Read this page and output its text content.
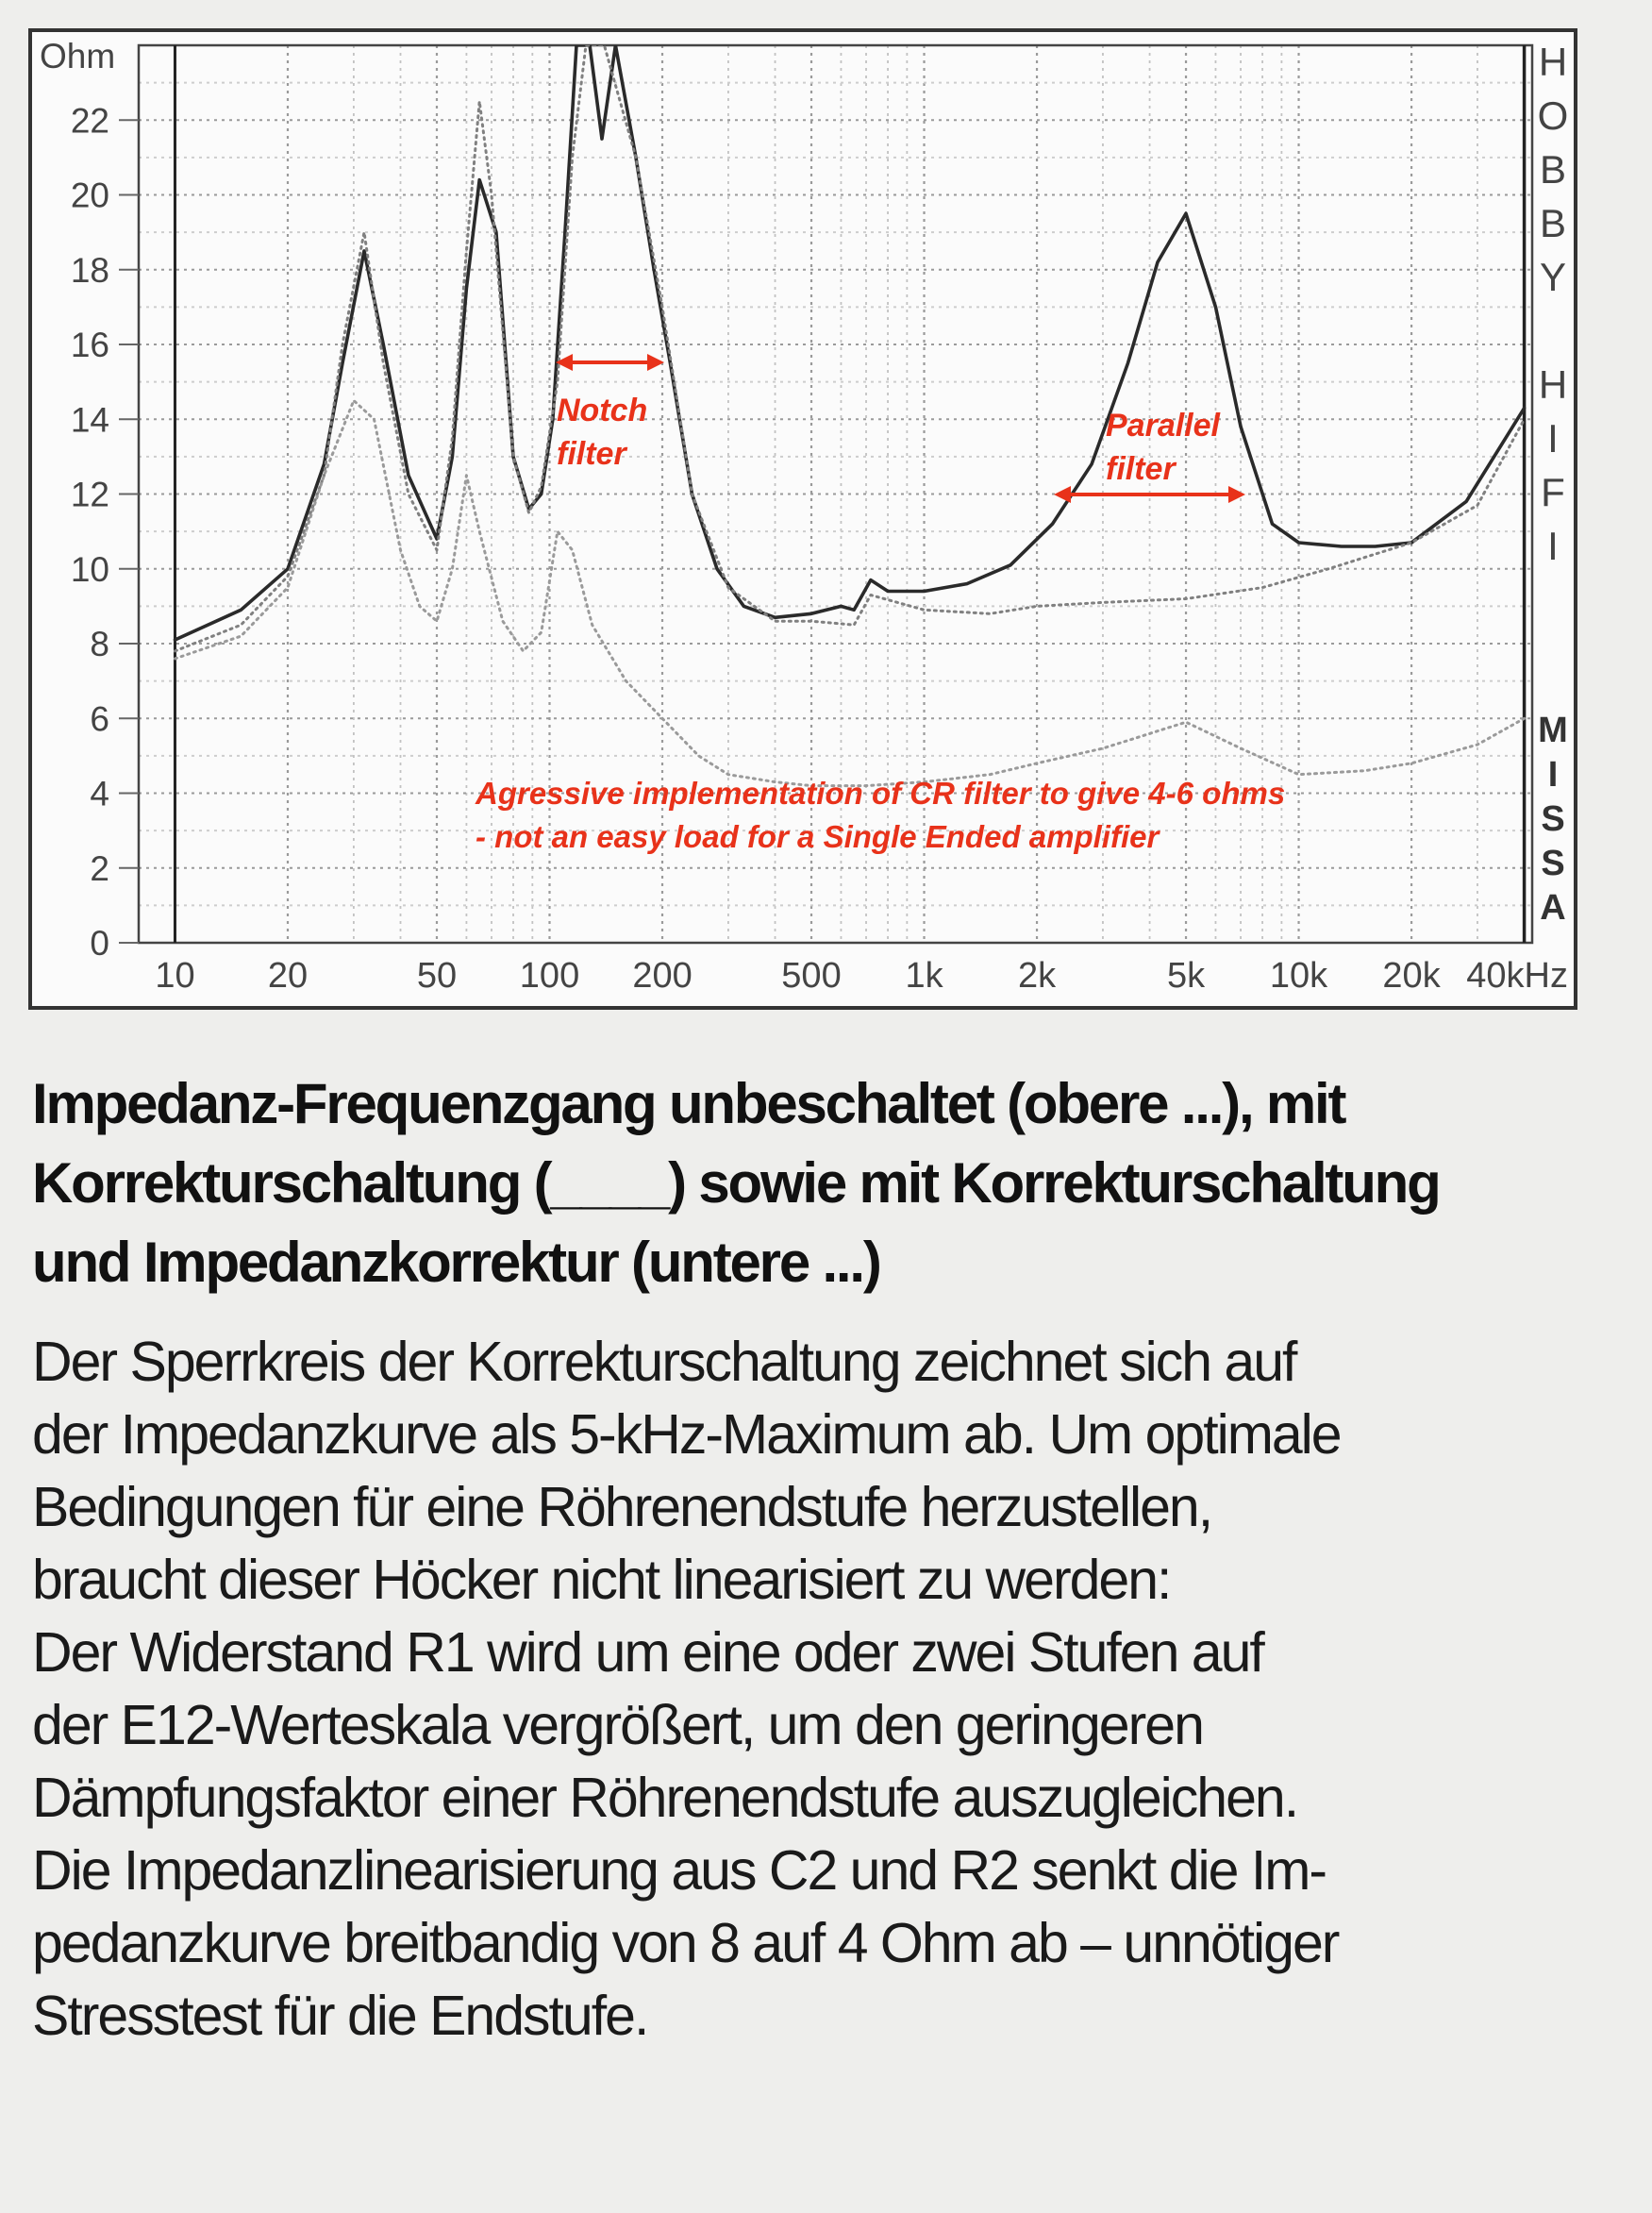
0
2
4
6
8
10
12
14
16
18
20
22
Ohm
10 20	50 100 200 500 1k 2k	5k 10k 20k 40kHz
H
O
B
B
Y
H
I
F
I
M
I
S
S
A
Notch
filter
Parallel
filter
Agressive implementation of CR filter to give 4-6 ohms
- not an easy load for a Single Ended amplifier
Impedanz-Frequenzgang unbeschaltet (obere ...), mit
Korrekturschaltung (____) sowie mit Korrekturschaltung
und Impedanzkorrektur (untere ...)
Der Sperrkreis der Korrekturschaltung zeichnet sich auf
der Impedanzkurve als 5-kHz-Maximum ab. Um optimale
Bedingungen für eine Röhrenendstufe herzustellen,
braucht dieser Höcker nicht linearisiert zu werden:
Der Widerstand R1 wird um eine oder zwei Stufen auf
der E12-Werteskala vergrößert, um den geringeren
Dämpfungsfaktor einer Röhrenendstufe auszugleichen.
Die Impedanzlinearisierung aus C2 und R2 senkt die Im-
pedanzkurve breitbandig von 8 auf 4 Ohm ab – unnötiger
Stresstest für die Endstufe.
